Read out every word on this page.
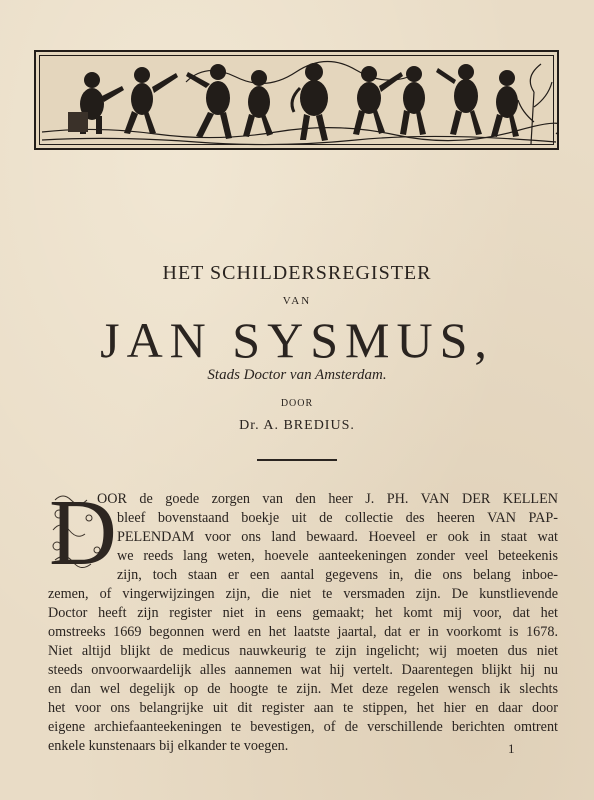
HET SCHILDERSREGISTER
VAN
JAN SYSMUS,
Stads Doctor van Amsterdam.
DOOR
Dr. A. BREDIUS.
D
OOR de goede zorgen van den heer J. PH. VAN DER KELLEN
bleef bovenstaand boekje uit de collectie des heeren VAN PAP-
PELENDAM voor ons land bewaard. Hoeveel er ook in staat wat
we reeds lang weten, hoevele aanteekeningen zonder veel beteekenis
zijn, toch staan er een aantal gegevens in, die ons belang inboe-
zemen, of vingerwijzingen zijn, die niet te versmaden zijn. De kunstlievende
Doctor heeft zijn register niet in eens gemaakt; het komt mij voor, dat het
omstreeks 1669 begonnen werd en het laatste jaartal, dat er in voorkomt is 1678.
Niet altijd blijkt de medicus nauwkeurig te zijn ingelicht; wij moeten dus niet
steeds onvoorwaardelijk alles aannemen wat hij vertelt. Daarentegen blijkt hij nu
en dan wel degelijk op de hoogte te zijn. Met deze regelen wensch ik slechts
het voor ons belangrijke uit dit register aan te stippen, het hier en daar door
eigene archiefaanteekeningen te bevestigen, of de verschillende berichten omtrent
enkele kunstenaars bij elkander te voegen.	1
